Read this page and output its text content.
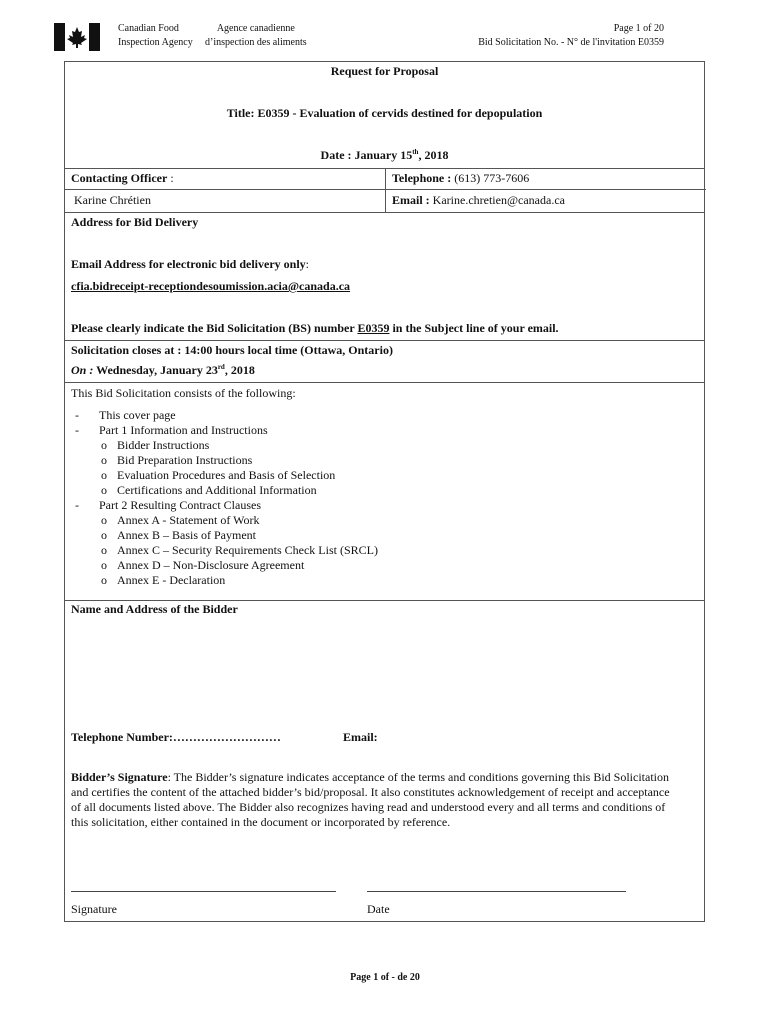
Canadian Food
Inspection Agency
Agence canadienne
d’inspection des aliments
Page 1 of 20
Bid Solicitation No. - N° de l'invitation E0359
Request for Proposal
Title: E0359 - Evaluation of cervids destined for depopulation
Date : January 15th, 2018
Contacting Officer :	Telephone : (613) 773-7606
Karine Chrétien	Email : Karine.chretien@canada.ca
Address for Bid Delivery
Email Address for electronic bid delivery only:
cfia.bidreceipt-receptiondesoumission.acia@canada.ca
Please clearly indicate the Bid Solicitation (BS) number E0359 in the Subject line of your email.
Solicitation closes at : 14:00 hours local time (Ottawa, Ontario)
On : Wednesday, January 23rd, 2018
This Bid Solicitation consists of the following:
- This cover page
- Part 1 Information and Instructions
o Bidder Instructions
o Bid Preparation Instructions
o Evaluation Procedures and Basis of Selection
o Certifications and Additional Information
- Part 2 Resulting Contract Clauses
o Annex A - Statement of Work
o Annex B – Basis of Payment
o Annex C – Security Requirements Check List (SRCL)
o Annex D – Non-Disclosure Agreement
o Annex E - Declaration
Name and Address of the Bidder
Telephone Number:………………………	Email:
Bidder’s Signature: The Bidder’s signature indicates acceptance of the terms and conditions governing this Bid Solicitation and certifies the content of the attached bidder’s bid/proposal. It also constitutes acknowledgement of receipt and acceptance of all documents listed above. The Bidder also recognizes having read and understood every and all terms and conditions of this solicitation, either contained in the document or incorporated by reference.
Signature	Date
Page 1 of - de 20
